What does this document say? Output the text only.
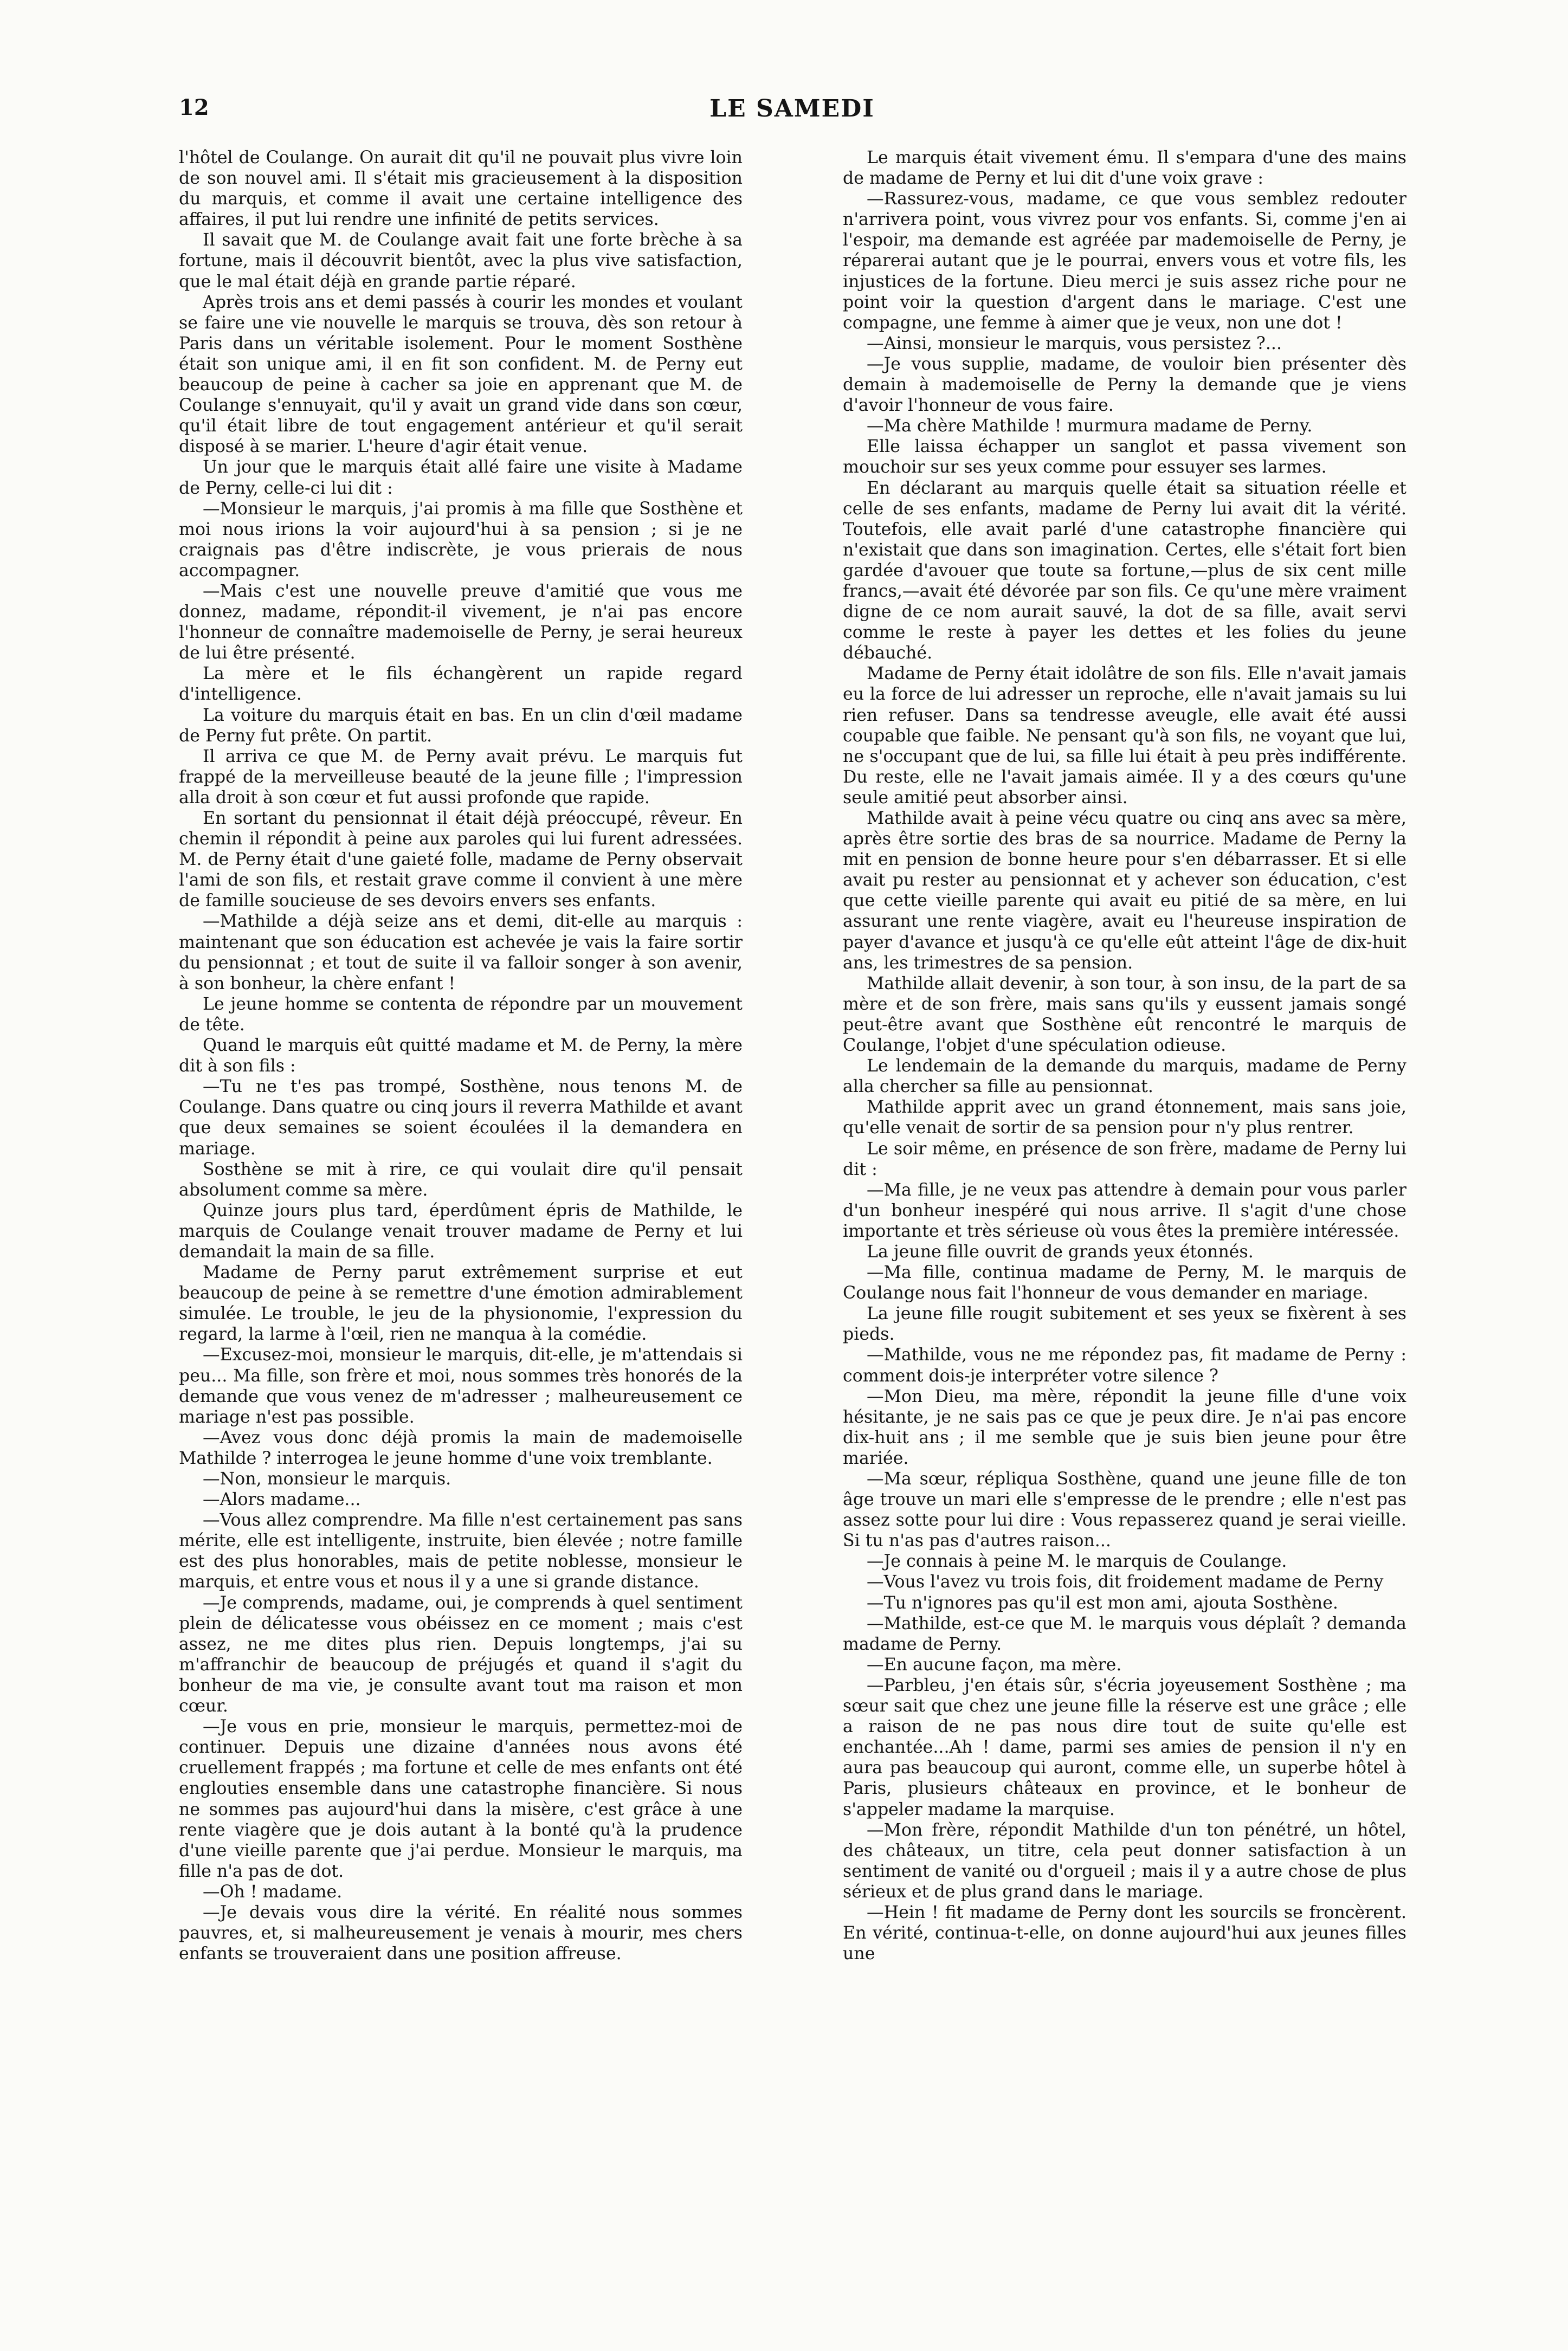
12	LE SAMEDI

l'hôtel de Coulange. On aurait dit qu'il ne pouvait plus vivre loin de son nouvel ami. Il s'était mis gracieusement à la disposition du marquis, et comme il avait une certaine intelligence des affaires, il put lui rendre une infinité de petits services.

Il savait que M. de Coulange avait fait une forte brèche à sa fortune, mais il découvrit bientôt, avec la plus vive satisfaction, que le mal était déjà en grande partie réparé.

Après trois ans et demi passés à courir les mondes et voulant se faire une vie nouvelle le marquis se trouva, dès son retour à Paris dans un véritable isolement. Pour le moment Sosthène était son unique ami, il en fit son confident. M. de Perny eut beaucoup de peine à cacher sa joie en apprenant que M. de Coulange s'ennuyait, qu'il y avait un grand vide dans son cœur, qu'il était libre de tout engagement antérieur et qu'il serait disposé à se marier. L'heure d'agir était venue.

Un jour que le marquis était allé faire une visite à Madame de Perny, celle-ci lui dit :

—Monsieur le marquis, j'ai promis à ma fille que Sosthène et moi nous irions la voir aujourd'hui à sa pension ; si je ne craignais pas d'être indiscrète, je vous prierais de nous accompagner.

—Mais c'est une nouvelle preuve d'amitié que vous me donnez, madame, répondit-il vivement, je n'ai pas encore l'honneur de connaître mademoiselle de Perny, je serai heureux de lui être présenté.

La mère et le fils échangèrent un rapide regard d'intelligence.

La voiture du marquis était en bas. En un clin d'œil madame de Perny fut prête. On partit.

Il arriva ce que M. de Perny avait prévu. Le marquis fut frappé de la merveilleuse beauté de la jeune fille ; l'impression alla droit à son cœur et fut aussi profonde que rapide.

En sortant du pensionnat il était déjà préoccupé, rêveur. En chemin il répondit à peine aux paroles qui lui furent adressées. M. de Perny était d'une gaieté folle, madame de Perny observait l'ami de son fils, et restait grave comme il convient à une mère de famille soucieuse de ses devoirs envers ses enfants.

—Mathilde a déjà seize ans et demi, dit-elle au marquis : maintenant que son éducation est achevée je vais la faire sortir du pensionnat ; et tout de suite il va falloir songer à son avenir, à son bonheur, la chère enfant !

Le jeune homme se contenta de répondre par un mouvement de tête.

Quand le marquis eût quitté madame et M. de Perny, la mère dit à son fils :

—Tu ne t'es pas trompé, Sosthène, nous tenons M. de Coulange. Dans quatre ou cinq jours il reverra Mathilde et avant que deux semaines se soient écoulées il la demandera en mariage.

Sosthène se mit à rire, ce qui voulait dire qu'il pensait absolument comme sa mère.

Quinze jours plus tard, éperdûment épris de Mathilde, le marquis de Coulange venait trouver madame de Perny et lui demandait la main de sa fille.

Madame de Perny parut extrêmement surprise et eut beaucoup de peine à se remettre d'une émotion admirablement simulée. Le trouble, le jeu de la physionomie, l'expression du regard, la larme à l'œil, rien ne manqua à la comédie.

—Excusez-moi, monsieur le marquis, dit-elle, je m'attendais si peu... Ma fille, son frère et moi, nous sommes très honorés de la demande que vous venez de m'adresser ; malheureusement ce mariage n'est pas possible.

—Avez vous donc déjà promis la main de mademoiselle Mathilde ? interrogea le jeune homme d'une voix tremblante.

—Non, monsieur le marquis.

—Alors madame...

—Vous allez comprendre. Ma fille n'est certainement pas sans mérite, elle est intelligente, instruite, bien élevée ; notre famille est des plus honorables, mais de petite noblesse, monsieur le marquis, et entre vous et nous il y a une si grande distance.

—Je comprends, madame, oui, je comprends à quel sentiment plein de délicatesse vous obéissez en ce moment ; mais c'est assez, ne me dites plus rien. Depuis longtemps, j'ai su m'affranchir de beaucoup de préjugés et quand il s'agit du bonheur de ma vie, je consulte avant tout ma raison et mon cœur.

—Je vous en prie, monsieur le marquis, permettez-moi de continuer. Depuis une dizaine d'années nous avons été cruellement frappés ; ma fortune et celle de mes enfants ont été englouties ensemble dans une catastrophe financière. Si nous ne sommes pas aujourd'hui dans la misère, c'est grâce à une rente viagère que je dois autant à la bonté qu'à la prudence d'une vieille parente que j'ai perdue. Monsieur le marquis, ma fille n'a pas de dot.

—Oh ! madame.

—Je devais vous dire la vérité. En réalité nous sommes pauvres, et, si malheureusement je venais à mourir, mes chers enfants se trouveraient dans une position affreuse.

Le marquis était vivement ému. Il s'empara d'une des mains de madame de Perny et lui dit d'une voix grave :

—Rassurez-vous, madame, ce que vous semblez redouter n'arrivera point, vous vivrez pour vos enfants. Si, comme j'en ai l'espoir, ma demande est agréée par mademoiselle de Perny, je réparerai autant que je le pourrai, envers vous et votre fils, les injustices de la fortune. Dieu merci je suis assez riche pour ne point voir la question d'argent dans le mariage. C'est une compagne, une femme à aimer que je veux, non une dot !

—Ainsi, monsieur le marquis, vous persistez ?...

—Je vous supplie, madame, de vouloir bien présenter dès demain à mademoiselle de Perny la demande que je viens d'avoir l'honneur de vous faire.

—Ma chère Mathilde ! murmura madame de Perny.

Elle laissa échapper un sanglot et passa vivement son mouchoir sur ses yeux comme pour essuyer ses larmes.

En déclarant au marquis quelle était sa situation réelle et celle de ses enfants, madame de Perny lui avait dit la vérité. Toutefois, elle avait parlé d'une catastrophe financière qui n'existait que dans son imagination. Certes, elle s'était fort bien gardée d'avouer que toute sa fortune,—plus de six cent mille francs,—avait été dévorée par son fils. Ce qu'une mère vraiment digne de ce nom aurait sauvé, la dot de sa fille, avait servi comme le reste à payer les dettes et les folies du jeune débauché.

Madame de Perny était idolâtre de son fils. Elle n'avait jamais eu la force de lui adresser un reproche, elle n'avait jamais su lui rien refuser. Dans sa tendresse aveugle, elle avait été aussi coupable que faible. Ne pensant qu'à son fils, ne voyant que lui, ne s'occupant que de lui, sa fille lui était à peu près indifférente. Du reste, elle ne l'avait jamais aimée. Il y a des cœurs qu'une seule amitié peut absorber ainsi.

Mathilde avait à peine vécu quatre ou cinq ans avec sa mère, après être sortie des bras de sa nourrice. Madame de Perny la mit en pension de bonne heure pour s'en débarrasser. Et si elle avait pu rester au pensionnat et y achever son éducation, c'est que cette vieille parente qui avait eu pitié de sa mère, en lui assurant une rente viagère, avait eu l'heureuse inspiration de payer d'avance et jusqu'à ce qu'elle eût atteint l'âge de dix-huit ans, les trimestres de sa pension.

Mathilde allait devenir, à son tour, à son insu, de la part de sa mère et de son frère, mais sans qu'ils y eussent jamais songé peut-être avant que Sosthène eût rencontré le marquis de Coulange, l'objet d'une spéculation odieuse.

Le lendemain de la demande du marquis, madame de Perny alla chercher sa fille au pensionnat.

Mathilde apprit avec un grand étonnement, mais sans joie, qu'elle venait de sortir de sa pension pour n'y plus rentrer.

Le soir même, en présence de son frère, madame de Perny lui dit :

—Ma fille, je ne veux pas attendre à demain pour vous parler d'un bonheur inespéré qui nous arrive. Il s'agit d'une chose importante et très sérieuse où vous êtes la première intéressée.

La jeune fille ouvrit de grands yeux étonnés.

—Ma fille, continua madame de Perny, M. le marquis de Coulange nous fait l'honneur de vous demander en mariage.

La jeune fille rougit subitement et ses yeux se fixèrent à ses pieds.

—Mathilde, vous ne me répondez pas, fit madame de Perny : comment dois-je interpréter votre silence ?

—Mon Dieu, ma mère, répondit la jeune fille d'une voix hésitante, je ne sais pas ce que je peux dire. Je n'ai pas encore dix-huit ans ; il me semble que je suis bien jeune pour être mariée.

—Ma sœur, répliqua Sosthène, quand une jeune fille de ton âge trouve un mari elle s'empresse de le prendre ; elle n'est pas assez sotte pour lui dire : Vous repasserez quand je serai vieille. Si tu n'as pas d'autres raison...

—Je connais à peine M. le marquis de Coulange.

—Vous l'avez vu trois fois, dit froidement madame de Perny

—Tu n'ignores pas qu'il est mon ami, ajouta Sosthène.

—Mathilde, est-ce que M. le marquis vous déplaît ? demanda madame de Perny.

—En aucune façon, ma mère.

—Parbleu, j'en étais sûr, s'écria joyeusement Sosthène ; ma sœur sait que chez une jeune fille la réserve est une grâce ; elle a raison de ne pas nous dire tout de suite qu'elle est enchantée...Ah ! dame, parmi ses amies de pension il n'y en aura pas beaucoup qui auront, comme elle, un superbe hôtel à Paris, plusieurs châteaux en province, et le bonheur de s'appeler madame la marquise.

—Mon frère, répondit Mathilde d'un ton pénétré, un hôtel, des châteaux, un titre, cela peut donner satisfaction à un sentiment de vanité ou d'orgueil ; mais il y a autre chose de plus sérieux et de plus grand dans le mariage.

—Hein ! fit madame de Perny dont les sourcils se froncèrent. En vérité, continua-t-elle, on donne aujourd'hui aux jeunes filles une
